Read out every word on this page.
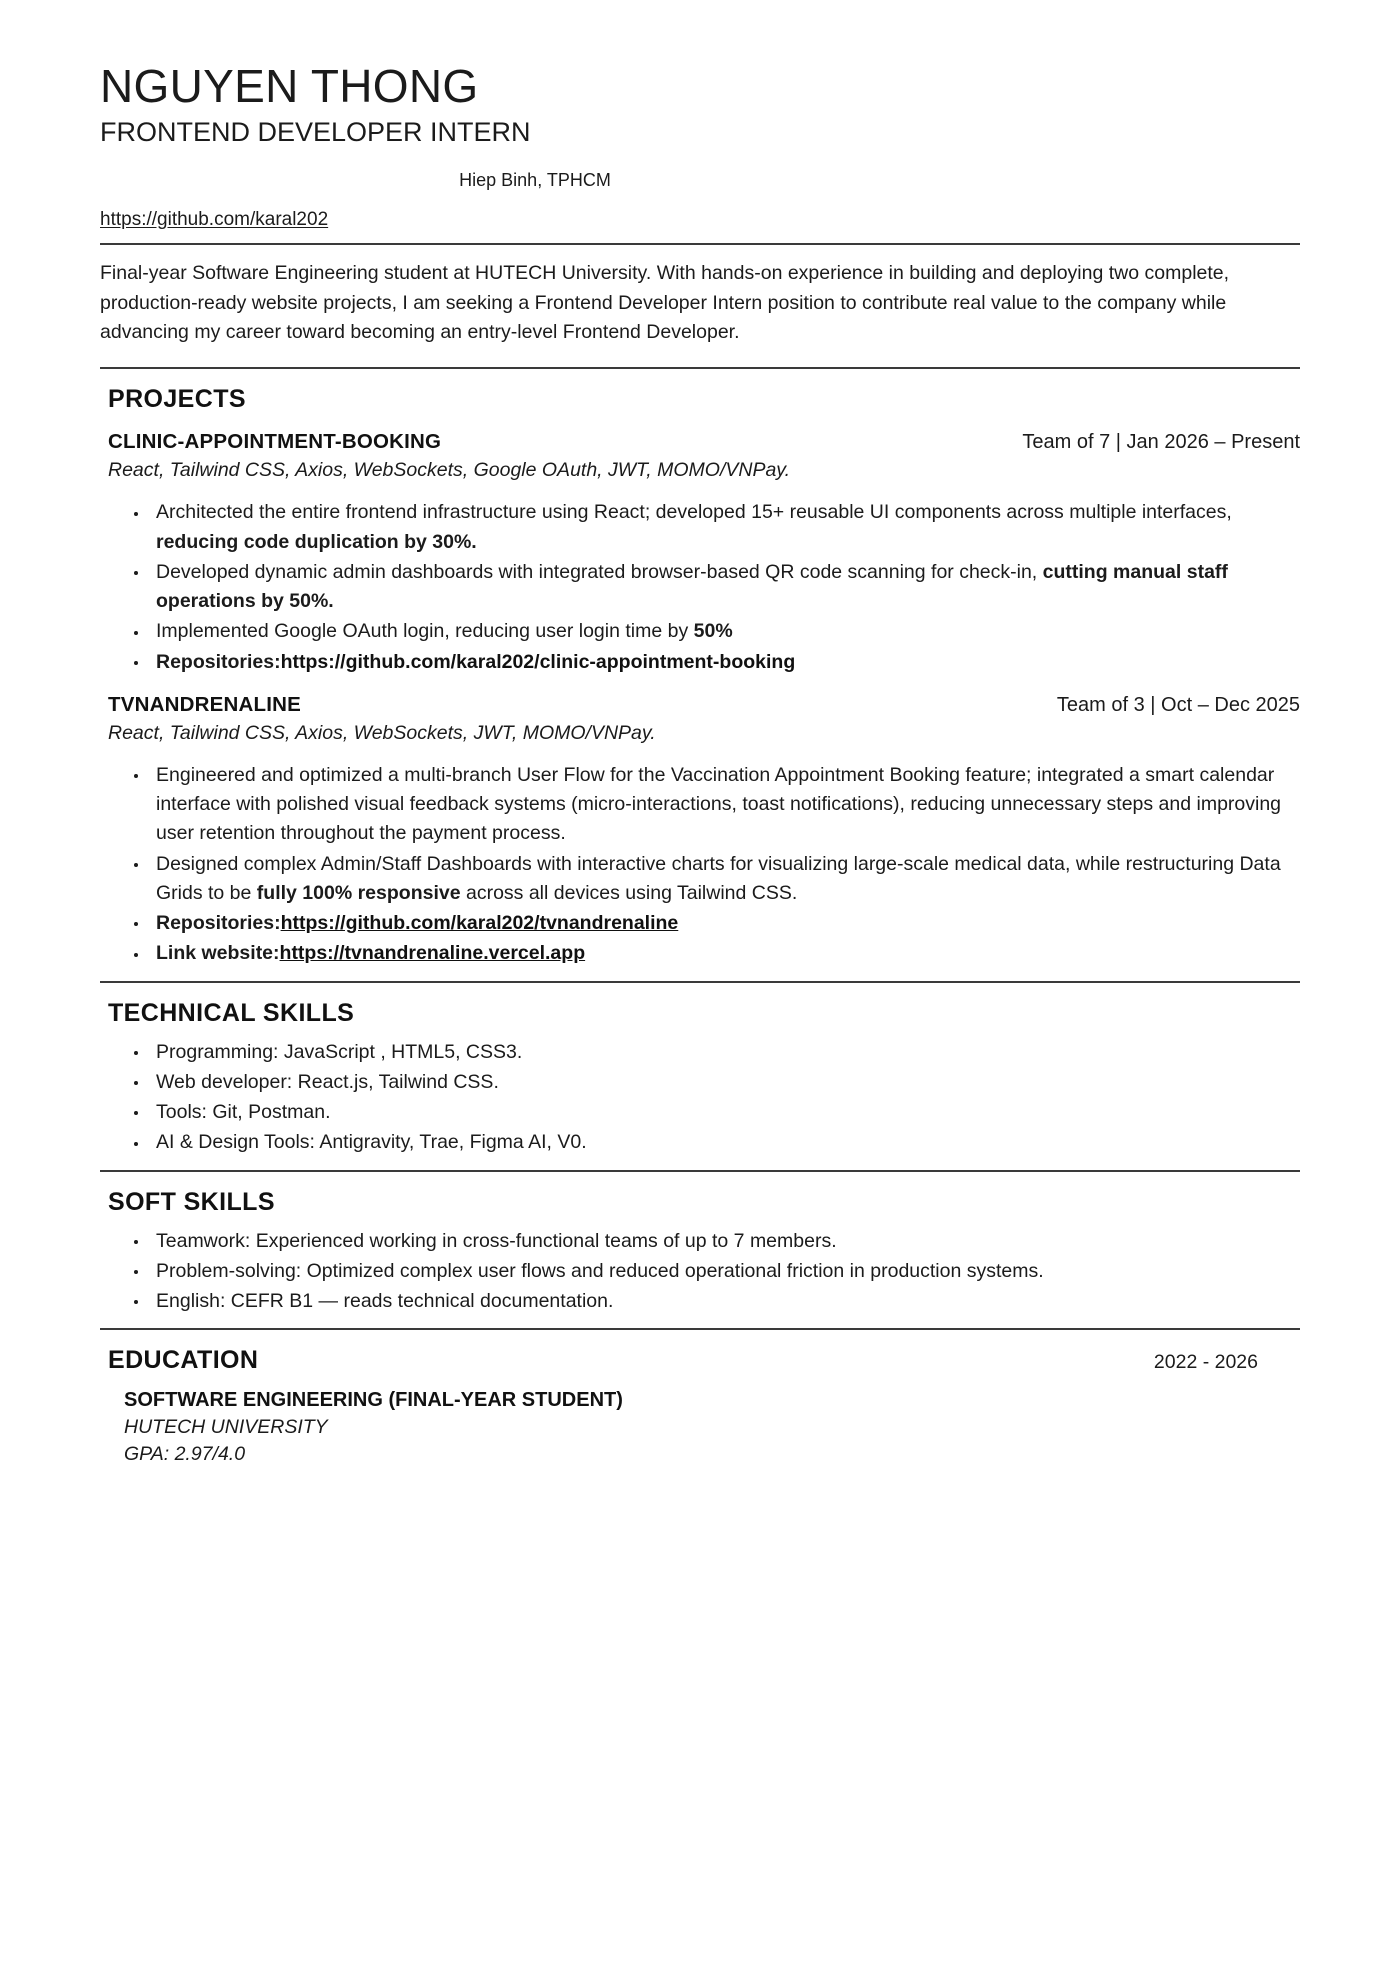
NGUYEN THONG
FRONTEND DEVELOPER INTERN
Hiep Binh, TPHCM
https://github.com/karal202

Final-year Software Engineering student at HUTECH University. With hands-on experience in building and deploying two complete, production-ready website projects, I am seeking a Frontend Developer Intern position to contribute real value to the company while advancing my career toward becoming an entry-level Frontend Developer.

PROJECTS
CLINIC-APPOINTMENT-BOOKING	Team of 7 | Jan 2026 – Present
React, Tailwind CSS, Axios, WebSockets, Google OAuth, JWT, MOMO/VNPay.
Architected the entire frontend infrastructure using React; developed 15+ reusable UI components across multiple interfaces, reducing code duplication by 30%.
Developed dynamic admin dashboards with integrated browser-based QR code scanning for check-in, cutting manual staff operations by 50%.
Implemented Google OAuth login, reducing user login time by 50%
Repositories:https://github.com/karal202/clinic-appointment-booking
TVNANDRENALINE	Team of 3 | Oct – Dec 2025
React, Tailwind CSS, Axios, WebSockets, JWT, MOMO/VNPay.
Engineered and optimized a multi-branch User Flow for the Vaccination Appointment Booking feature; integrated a smart calendar interface with polished visual feedback systems (micro-interactions, toast notifications), reducing unnecessary steps and improving user retention throughout the payment process.
Designed complex Admin/Staff Dashboards with interactive charts for visualizing large-scale medical data, while restructuring Data Grids to be fully 100% responsive across all devices using Tailwind CSS.
Repositories:https://github.com/karal202/tvnandrenaline
Link website:https://tvnandrenaline.vercel.app
TECHNICAL SKILLS
Programming: JavaScript , HTML5, CSS3.
Web developer: React.js, Tailwind CSS.
Tools: Git, Postman.
AI & Design Tools: Antigravity, Trae, Figma AI, V0.
SOFT SKILLS
Teamwork: Experienced working in cross-functional teams of up to 7 members.
Problem-solving: Optimized complex user flows and reduced operational friction in production systems.
English: CEFR B1 — reads technical documentation.
EDUCATION	2022 - 2026
SOFTWARE ENGINEERING (FINAL-YEAR STUDENT)
HUTECH UNIVERSITY
GPA: 2.97/4.0
